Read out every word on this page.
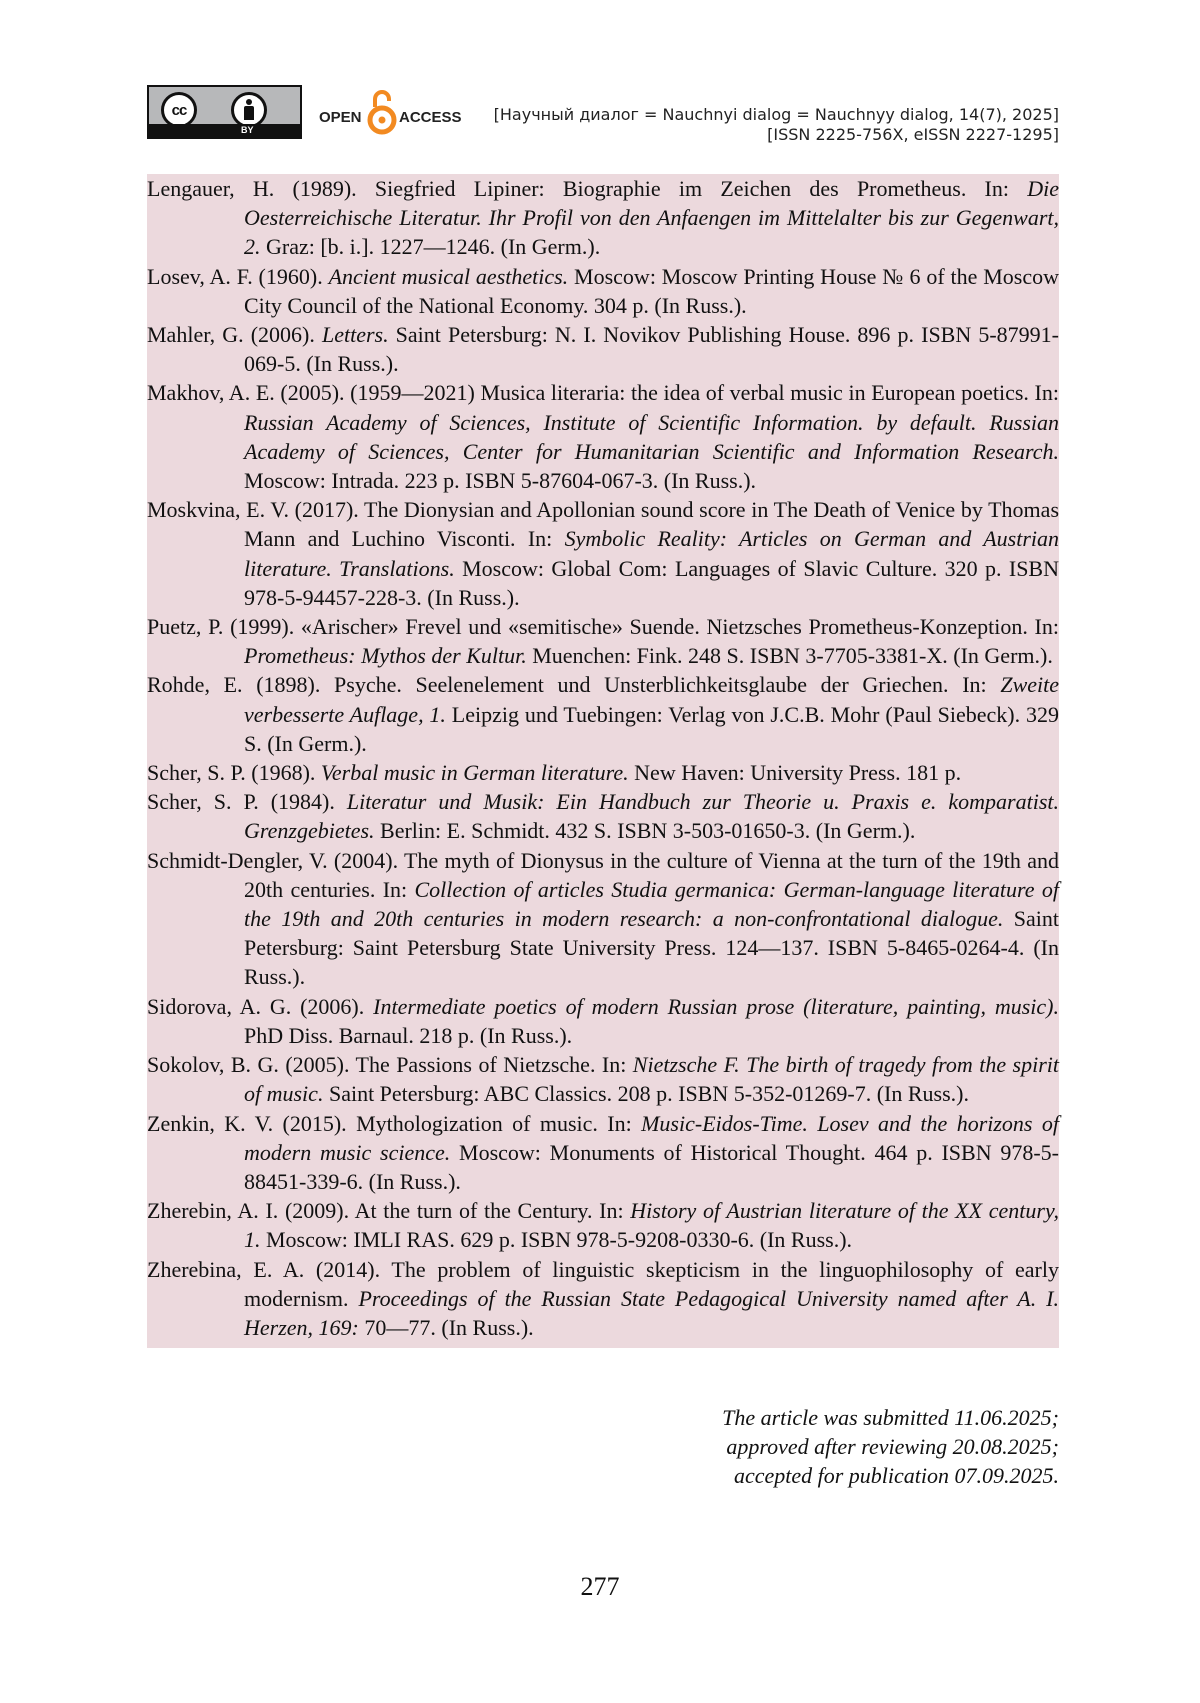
cc
BY
OPEN ACCESS [Научный диалог = Nauchnyi dialog = Nauchnyy dialog, 14(7), 2025]
[ISSN 2225-756X, eISSN 2227-1295]

Lengauer, H. (1989). Siegfried Lipiner: Biographie im Zeichen des Prometheus. In: Die Oesterreichische Literatur. Ihr Profil von den Anfaengen im Mittelalter bis zur Gegenwart, 2. Graz: [b. i.]. 1227—1246. (In Germ.).

Losev, A. F. (1960). Ancient musical aesthetics. Moscow: Moscow Printing House № 6 of the Moscow City Council of the National Economy. 304 p. (In Russ.).

Mahler, G. (2006). Letters. Saint Petersburg: N. I. Novikov Publishing House. 896 p. ISBN 5-87991-069-5. (In Russ.).

Makhov, A. E. (2005). (1959—2021) Musica literaria: the idea of verbal music in European poetics. In: Russian Academy of Sciences, Institute of Scientific Information. by default. Russian Academy of Sciences, Center for Humanitarian Scientific and Information Research. Moscow: Intrada. 223 p. ISBN 5-87604-067-3. (In Russ.).

Moskvina, E. V. (2017). The Dionysian and Apollonian sound score in The Death of Venice by Thomas Mann and Luchino Visconti. In: Symbolic Reality: Articles on German and Austrian literature. Translations. Moscow: Global Com: Languages of Slavic Culture. 320 p. ISBN 978-5-94457-228-3. (In Russ.).

Puetz, P. (1999). «Arischer» Frevel und «semitische» Suende. Nietzsches Prometheus-Konzeption. In: Prometheus: Mythos der Kultur. Muenchen: Fink. 248 S. ISBN 3-7705-3381-X. (In Germ.).

Rohde, E. (1898). Psyche. Seelenelement und Unsterblichkeitsglaube der Griechen. In: Zweite verbesserte Auflage, 1. Leipzig und Tuebingen: Verlag von J.C.B. Mohr (Paul Siebeck). 329 S. (In Germ.).

Scher, S. P. (1968). Verbal music in German literature. New Haven: University Press. 181 p.

Scher, S. P. (1984). Literatur und Musik: Ein Handbuch zur Theorie u. Praxis e. komparatist. Grenzgebietes. Berlin: E. Schmidt. 432 S. ISBN 3-503-01650-3. (In Germ.).

Schmidt-Dengler, V. (2004). The myth of Dionysus in the culture of Vienna at the turn of the 19th and 20th centuries. In: Collection of articles Studia germanica: German-language literature of the 19th and 20th centuries in modern research: a non-confrontational dialogue. Saint Petersburg: Saint Petersburg State University Press. 124—137. ISBN 5-8465-0264-4. (In Russ.).

Sidorova, A. G. (2006). Intermediate poetics of modern Russian prose (literature, painting, music). PhD Diss. Barnaul. 218 p. (In Russ.).

Sokolov, B. G. (2005). The Passions of Nietzsche. In: Nietzsche F. The birth of tragedy from the spirit of music. Saint Petersburg: ABC Classics. 208 p. ISBN 5-352-01269-7. (In Russ.).

Zenkin, K. V. (2015). Mythologization of music. In: Music-Eidos-Time. Losev and the horizons of modern music science. Moscow: Monuments of Historical Thought. 464 p. ISBN 978-5-88451-339-6. (In Russ.).

Zherebin, A. I. (2009). At the turn of the Century. In: History of Austrian literature of the XX century, 1. Moscow: IMLI RAS. 629 p. ISBN 978-5-9208-0330-6. (In Russ.).

Zherebina, E. A. (2014). The problem of linguistic skepticism in the linguophilosophy of early modernism. Proceedings of the Russian State Pedagogical University named after A. I. Herzen, 169: 70—77. (In Russ.).

The article was submitted 11.06.2025;
approved after reviewing 20.08.2025;
accepted for publication 07.09.2025.
277
